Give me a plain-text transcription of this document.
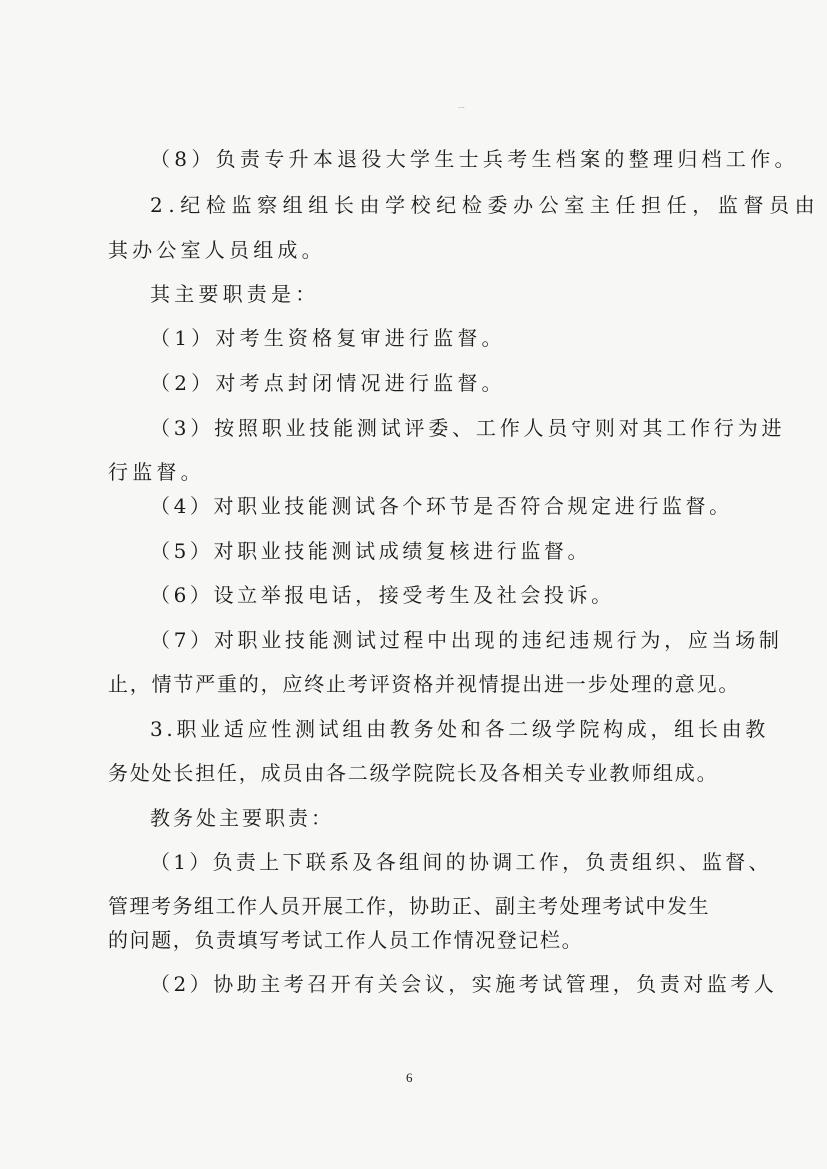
ㄧ
（8）负责专升本退役大学生士兵考生档案的整理归档工作。
2.纪检监察组组长由学校纪检委办公室主任担任，监督员由
其办公室人员组成。
其主要职责是：
（1）对考生资格复审进行监督。
（2）对考点封闭情况进行监督。
（3）按照职业技能测试评委、工作人员守则对其工作行为进
行监督。
（4）对职业技能测试各个环节是否符合规定进行监督。
（5）对职业技能测试成绩复核进行监督。
（6）设立举报电话，接受考生及社会投诉。
（7）对职业技能测试过程中出现的违纪违规行为，应当场制
止，情节严重的，应终止考评资格并视情提出进一步处理的意见。
3.职业适应性测试组由教务处和各二级学院构成，组长由教
务处处长担任，成员由各二级学院院长及各相关专业教师组成。
教务处主要职责：
（1）负责上下联系及各组间的协调工作，负责组织、监督、
管理考务组工作人员开展工作，协助正、副主考处理考试中发生
的问题，负责填写考试工作人员工作情况登记栏。
（2）协助主考召开有关会议，实施考试管理，负责对监考人
6
